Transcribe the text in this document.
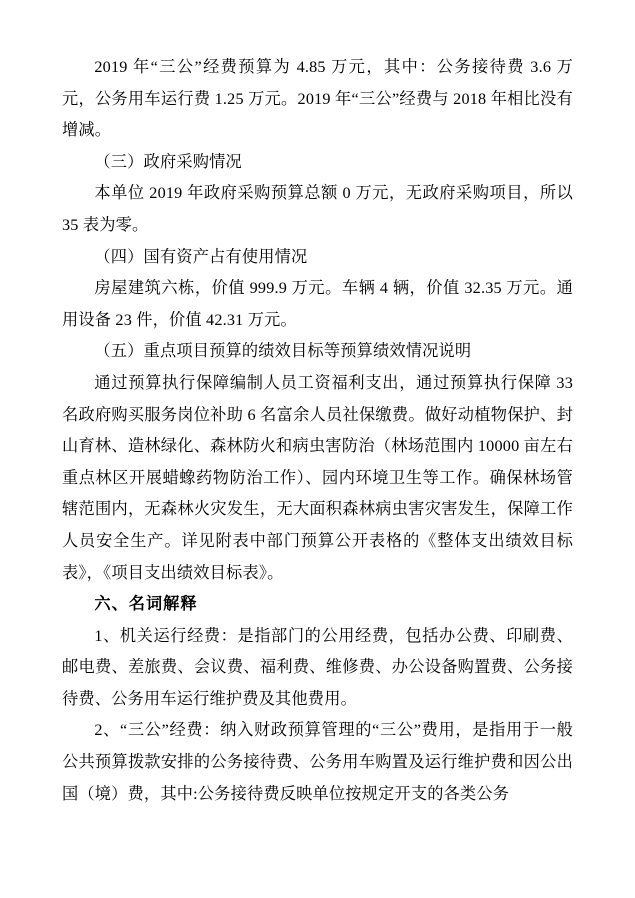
2019 年“三公”经费预算为 4.85 万元，其中：公务接待费 3.6 万元，公务用车运行费 1.25 万元。2019 年“三公”经费与 2018 年相比没有增减。

（三）政府采购情况

本单位 2019 年政府采购预算总额 0 万元，无政府采购项目，所以 35 表为零。

（四）国有资产占有使用情况

房屋建筑六栋，价值 999.9 万元。车辆 4 辆，价值 32.35 万元。通用设备 23 件，价值 42.31 万元。

（五）重点项目预算的绩效目标等预算绩效情况说明

通过预算执行保障编制人员工资福利支出，通过预算执行保障 33 名政府购买服务岗位补助 6 名富余人员社保缴费。做好动植物保护、封山育林、造林绿化、森林防火和病虫害防治（林场范围内 10000 亩左右重点林区开展蜡蟓药物防治工作）、园内环境卫生等工作。确保林场管辖范围内，无森林火灾发生，无大面积森林病虫害灾害发生，保障工作人员安全生产。详见附表中部门预算公开表格的《整体支出绩效目标表》，《项目支出绩效目标表》。

六、名词解释

1、机关运行经费：是指部门的公用经费，包括办公费、印刷费、邮电费、差旅费、会议费、福利费、维修费、办公设备购置费、公务接待费、公务用车运行维护费及其他费用。

2、“三公”经费：纳入财政预算管理的“三公”费用，是指用于一般公共预算拨款安排的公务接待费、公务用车购置及运行维护费和因公出国（境）费，其中:公务接待费反映单位按规定开支的各类公务
